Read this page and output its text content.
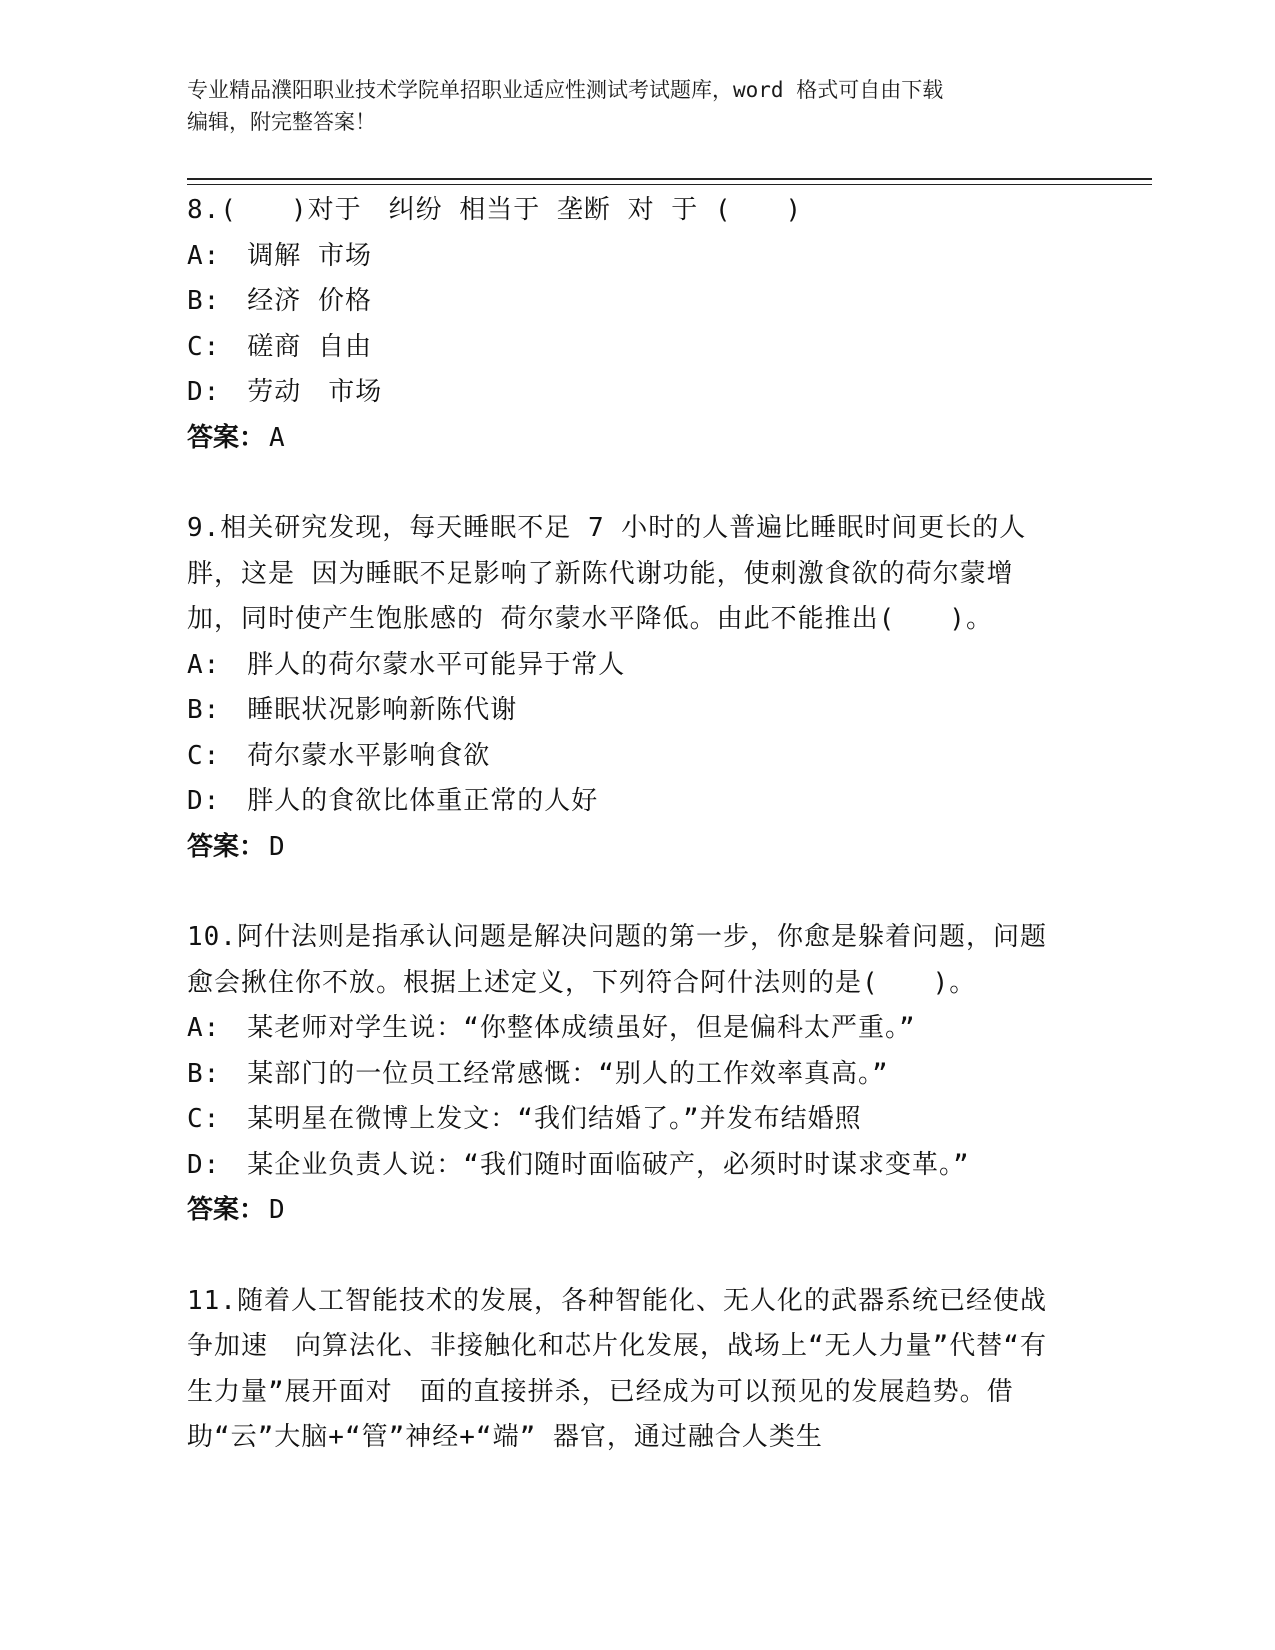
专业精品濮阳职业技术学院单招职业适应性测试考试题库，word 格式可自由下载
编辑，附完整答案！
8.(　　)对于　纠纷 相当于 垄断 对 于 (　　)
A:　调解 市场
B:　经济 价格
C:　磋商 自由
D:　劳动　市场
答案： A
9.相关研究发现，每天睡眠不足 7 小时的人普遍比睡眠时间更长的人胖，这是 因为睡眠不足影响了新陈代谢功能，使刺激食欲的荷尔蒙增加，同时使产生饱胀感的 荷尔蒙水平降低。由此不能推出(　　)。
A:　胖人的荷尔蒙水平可能异于常人
B:　睡眠状况影响新陈代谢
C:　荷尔蒙水平影响食欲
D:　胖人的食欲比体重正常的人好
答案： D
10.阿什法则是指承认问题是解决问题的第一步，你愈是躲着问题，问题愈会揪住你不放。根据上述定义，下列符合阿什法则的是(　　)。
A:　某老师对学生说：“你整体成绩虽好，但是偏科太严重。”
B:　某部门的一位员工经常感慨：“别人的工作效率真高。”
C:　某明星在微博上发文：“我们结婚了。”并发布结婚照
D:　某企业负责人说：“我们随时面临破产，必须时时谋求变革。”
答案： D
11.随着人工智能技术的发展，各种智能化、无人化的武器系统已经使战争加速　向算法化、非接触化和芯片化发展，战场上“无人力量”代替“有生力量”展开面对　面的直接拼杀，已经成为可以预见的发展趋势。借助“云”大脑+“管”神经+“端” 器官，通过融合人类生
